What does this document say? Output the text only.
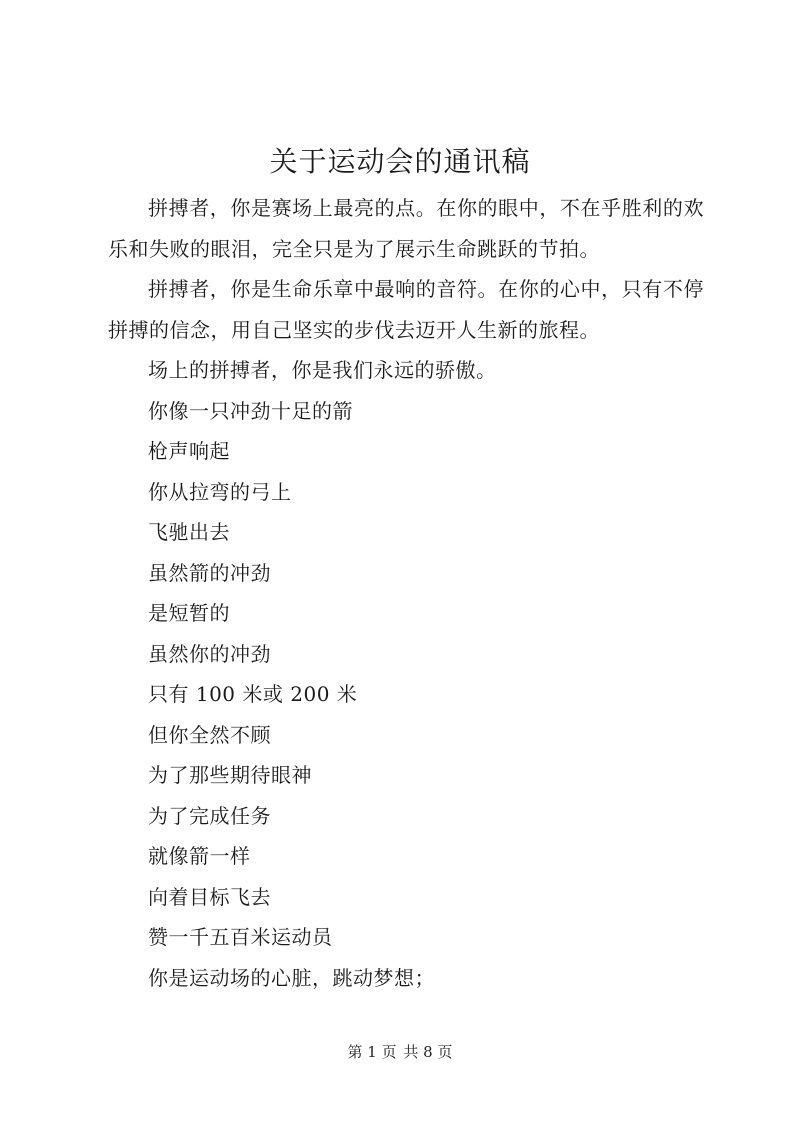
关于运动会的通讯稿

拼搏者，你是赛场上最亮的点。在你的眼中，不在乎胜利的欢乐和失败的眼泪，完全只是为了展示生命跳跃的节拍。

拼搏者，你是生命乐章中最响的音符。在你的心中，只有不停拼搏的信念，用自己坚实的步伐去迈开人生新的旅程。

场上的拼搏者，你是我们永远的骄傲。

你像一只冲劲十足的箭

枪声响起

你从拉弯的弓上

飞驰出去

虽然箭的冲劲

是短暂的

虽然你的冲劲

只有 100 米或 200 米

但你全然不顾

为了那些期待眼神

为了完成任务

就像箭一样

向着目标飞去

赞一千五百米运动员

你是运动场的心脏，跳动梦想；

第 1 页 共 8 页
